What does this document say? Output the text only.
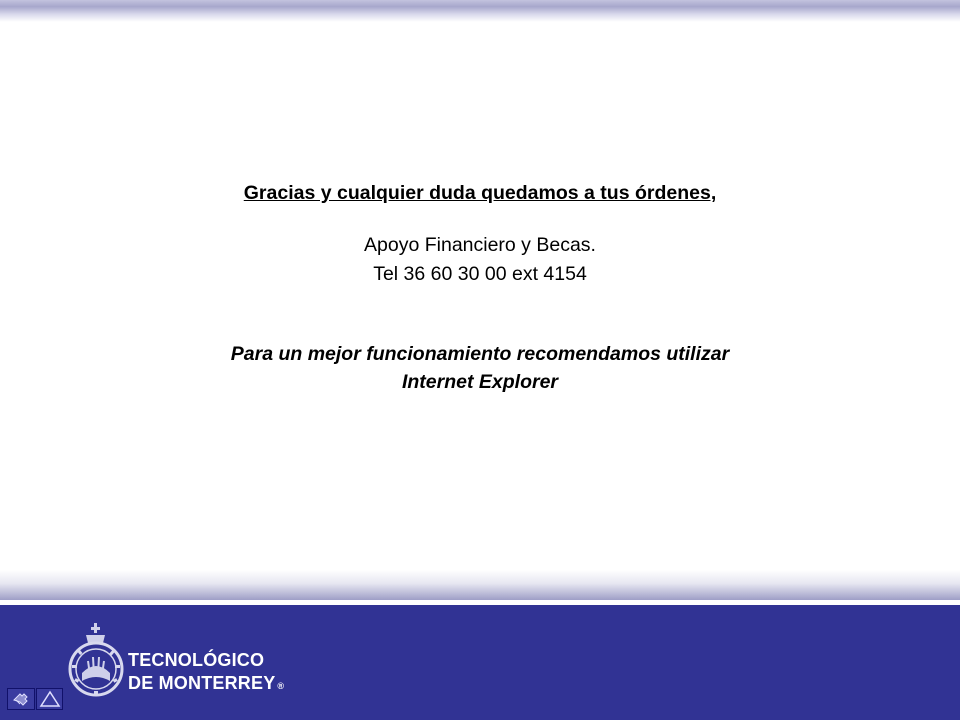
Gracias y cualquier duda quedamos a tus órdenes,
Apoyo Financiero y Becas.
Tel 36 60 30 00 ext 4154
Para un mejor funcionamiento recomendamos utilizar
Internet Explorer
TECNOLÓGICO
DE MONTERREY ®
